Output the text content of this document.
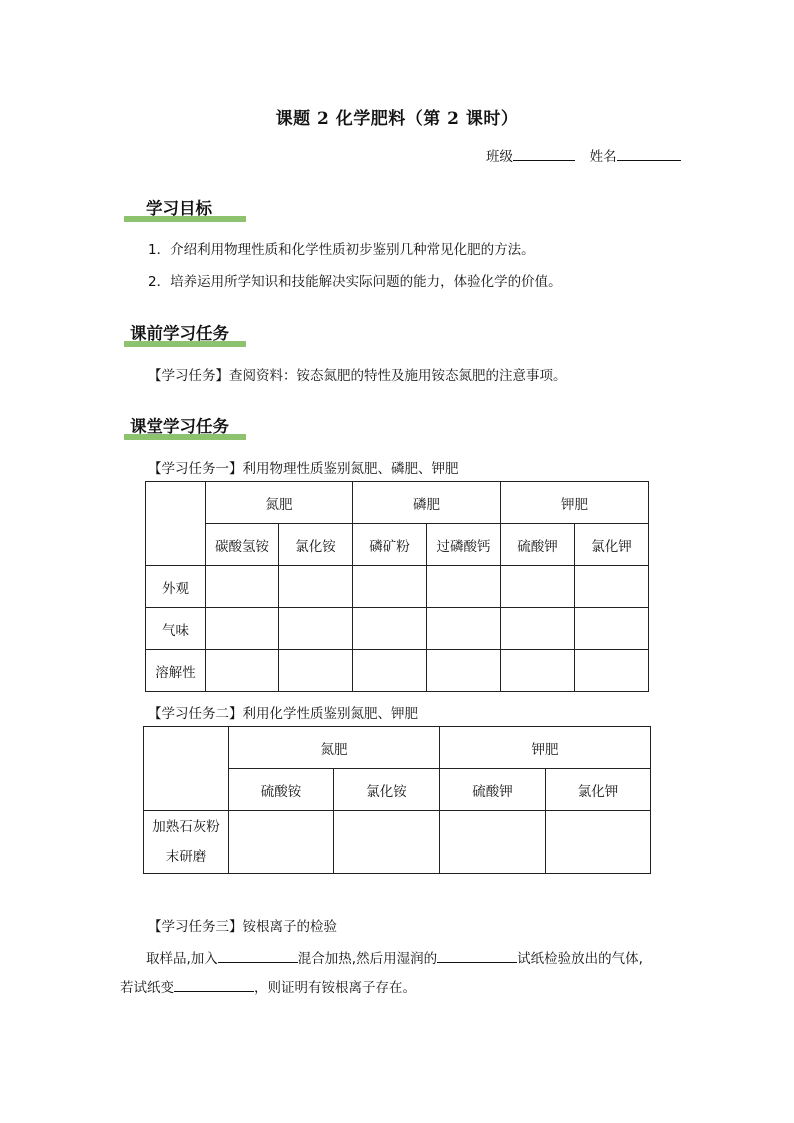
课题 2 化学肥料（第 2 课时）
班级	姓名
学习目标
1．介绍利用物理性质和化学性质初步鉴别几种常见化肥的方法。
2．培养运用所学知识和技能解决实际问题的能力，体验化学的价值。
课前学习任务
【学习任务】查阅资料：铵态氮肥的特性及施用铵态氮肥的注意事项。
课堂学习任务
【学习任务一】利用物理性质鉴别氮肥、磷肥、钾肥
	氮肥		磷肥		钾肥	
	碳酸氢铵	氯化铵	磷矿粉	过磷酸钙	硫酸钾	氯化钾
外观						
气味						
溶解性						
【学习任务二】利用化学性质鉴别氮肥、钾肥
	氮肥		钾肥	
	硫酸铵	氯化铵	硫酸钾	氯化钾

加熟石灰粉
末研磨				

【学习任务三】铵根离子的检验
取样品,加入	混合加热,然后用湿润的	试纸检验放出的气体,
若试纸变	，则证明有铵根离子存在。
